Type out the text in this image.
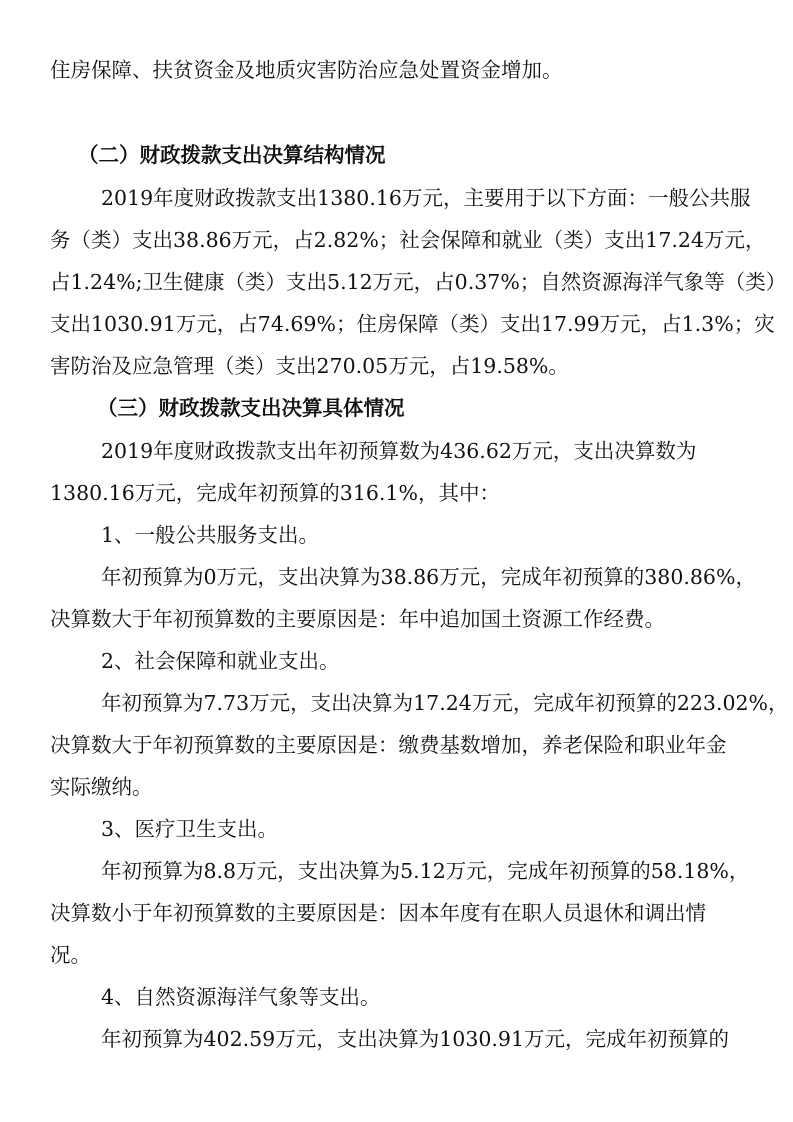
住房保障、扶贫资金及地质灾害防治应急处置资金增加。
（二）财政拨款支出决算结构情况
2019年度财政拨款支出1380.16万元，主要用于以下方面：一般公共服
务（类）支出38.86万元，占2.82%；社会保障和就业（类）支出17.24万元，
占1.24%;卫生健康（类）支出5.12万元，占0.37%；自然资源海洋气象等（类）
支出1030.91万元，占74.69%；住房保障（类）支出17.99万元，占1.3%；灾
害防治及应急管理（类）支出270.05万元，占19.58%。
（三）财政拨款支出决算具体情况
2019年度财政拨款支出年初预算数为436.62万元，支出决算数为
1380.16万元，完成年初预算的316.1%，其中：
1、一般公共服务支出。
年初预算为0万元，支出决算为38.86万元，完成年初预算的380.86%，
决算数大于年初预算数的主要原因是：年中追加国土资源工作经费。
2、社会保障和就业支出。
年初预算为7.73万元，支出决算为17.24万元，完成年初预算的223.02%，
决算数大于年初预算数的主要原因是：缴费基数增加，养老保险和职业年金
实际缴纳。
3、医疗卫生支出。
年初预算为8.8万元，支出决算为5.12万元，完成年初预算的58.18%，
决算数小于年初预算数的主要原因是：因本年度有在职人员退休和调出情
况。
4、自然资源海洋气象等支出。
年初预算为402.59万元，支出决算为1030.91万元，完成年初预算的
